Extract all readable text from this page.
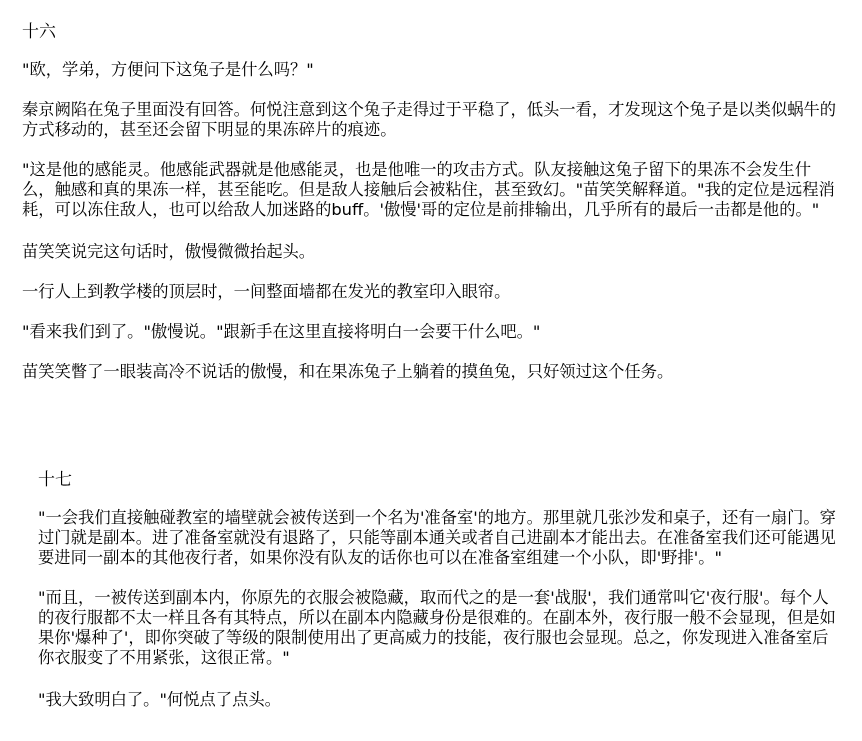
十六

"欧，学弟，方便问下这兔子是什么吗？"

秦京阙陷在兔子里面没有回答。何悦注意到这个兔子走得过于平稳了，低头一看，才发现这个兔子是以类似蜗牛的方式移动的，甚至还会留下明显的果冻碎片的痕迹。

"这是他的感能灵。他感能武器就是他感能灵，也是他唯一的攻击方式。队友接触这兔子留下的果冻不会发生什么，触感和真的果冻一样，甚至能吃。但是敌人接触后会被粘住，甚至致幻。"苗笑笑解释道。"我的定位是远程消耗，可以冻住敌人，也可以给敌人加迷路的buff。'傲慢'哥的定位是前排输出，几乎所有的最后一击都是他的。"

苗笑笑说完这句话时，傲慢微微抬起头。

一行人上到教学楼的顶层时，一间整面墙都在发光的教室印入眼帘。

"看来我们到了。"傲慢说。"跟新手在这里直接将明白一会要干什么吧。"

苗笑笑瞥了一眼装高冷不说话的傲慢，和在果冻兔子上躺着的摸鱼兔，只好领过这个任务。

十七

"一会我们直接触碰教室的墙壁就会被传送到一个名为'准备室'的地方。那里就几张沙发和桌子，还有一扇门。穿过门就是副本。进了准备室就没有退路了，只能等副本通关或者自己进副本才能出去。在准备室我们还可能遇见要进同一副本的其他夜行者，如果你没有队友的话你也可以在准备室组建一个小队，即'野排'。"

"而且，一被传送到副本内，你原先的衣服会被隐藏，取而代之的是一套'战服'，我们通常叫它'夜行服'。每个人的夜行服都不太一样且各有其特点，所以在副本内隐藏身份是很难的。在副本外，夜行服一般不会显现，但是如果你'爆种了'，即你突破了等级的限制使用出了更高威力的技能，夜行服也会显现。总之，你发现进入准备室后你衣服变了不用紧张，这很正常。"

"我大致明白了。"何悦点了点头。
